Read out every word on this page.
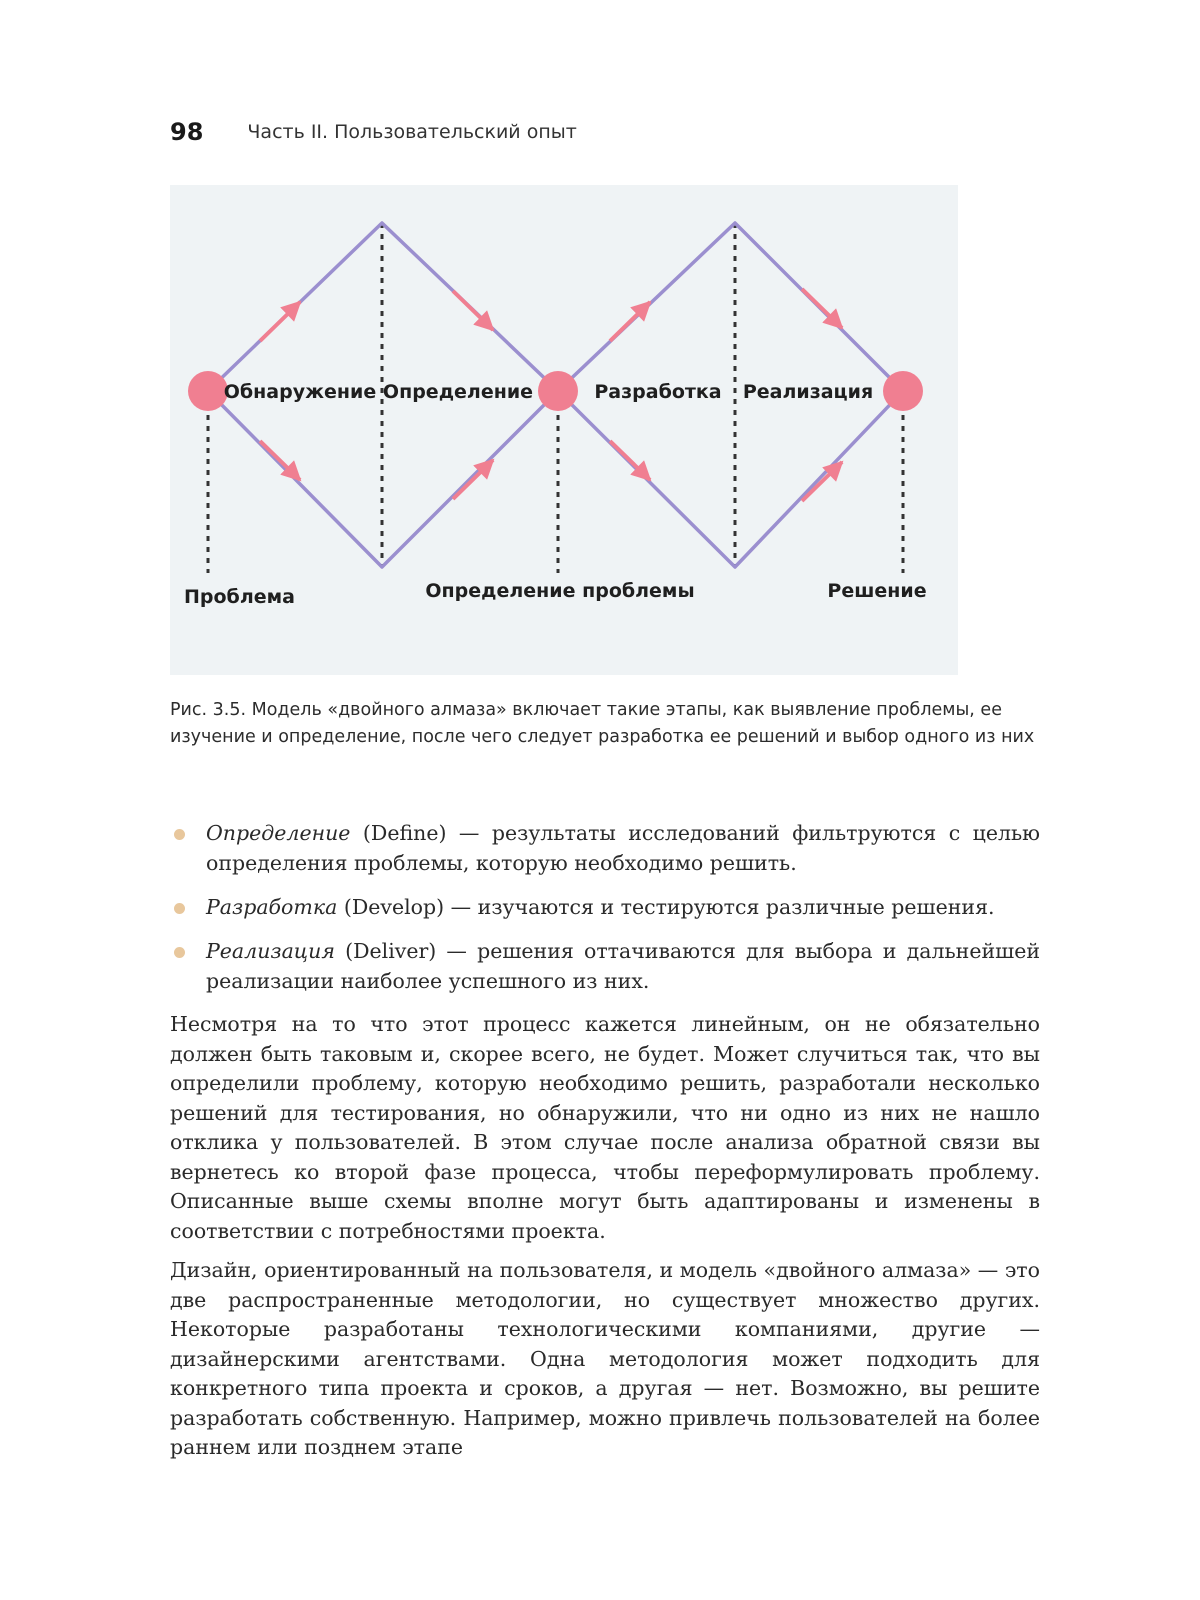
98 Часть II. Пользовательский опыт
Обнаружение Определение	Разработка Реализация
Проблема	Определение проблемы	Решение
Рис. 3.5. Модель «двойного алмаза» включает такие этапы, как выявление проблемы, ее изучение и определение, после чего следует разработка ее решений и выбор одного из них
Определение (Define) — результаты исследований фильтруются с целью определения проблемы, которую необходимо решить.
Разработка (Develop) — изучаются и тестируются различные решения.
Реализация (Deliver) — решения оттачиваются для выбора и дальнейшей реализации наиболее успешного из них.

Несмотря на то что этот процесс кажется линейным, он не обязательно должен быть таковым и, скорее всего, не будет. Может случиться так, что вы определили проблему, которую необходимо решить, разработали несколько решений для тестирования, но обнаружили, что ни одно из них не нашло отклика у пользователей. В этом случае после анализа обратной связи вы вернетесь ко второй фазе процесса, чтобы переформулировать проблему. Описанные выше схемы вполне могут быть адаптированы и изменены в соответствии с потребностями проекта.

Дизайн, ориентированный на пользователя, и модель «двойного алмаза» — это две распространенные методологии, но существует множество других. Некоторые разработаны технологическими компаниями, другие — дизайнерскими агентствами. Одна методология может подходить для конкретного типа проекта и сроков, а другая — нет. Возможно, вы решите разработать собственную. Например, можно привлечь пользователей на более раннем или позднем этапе
